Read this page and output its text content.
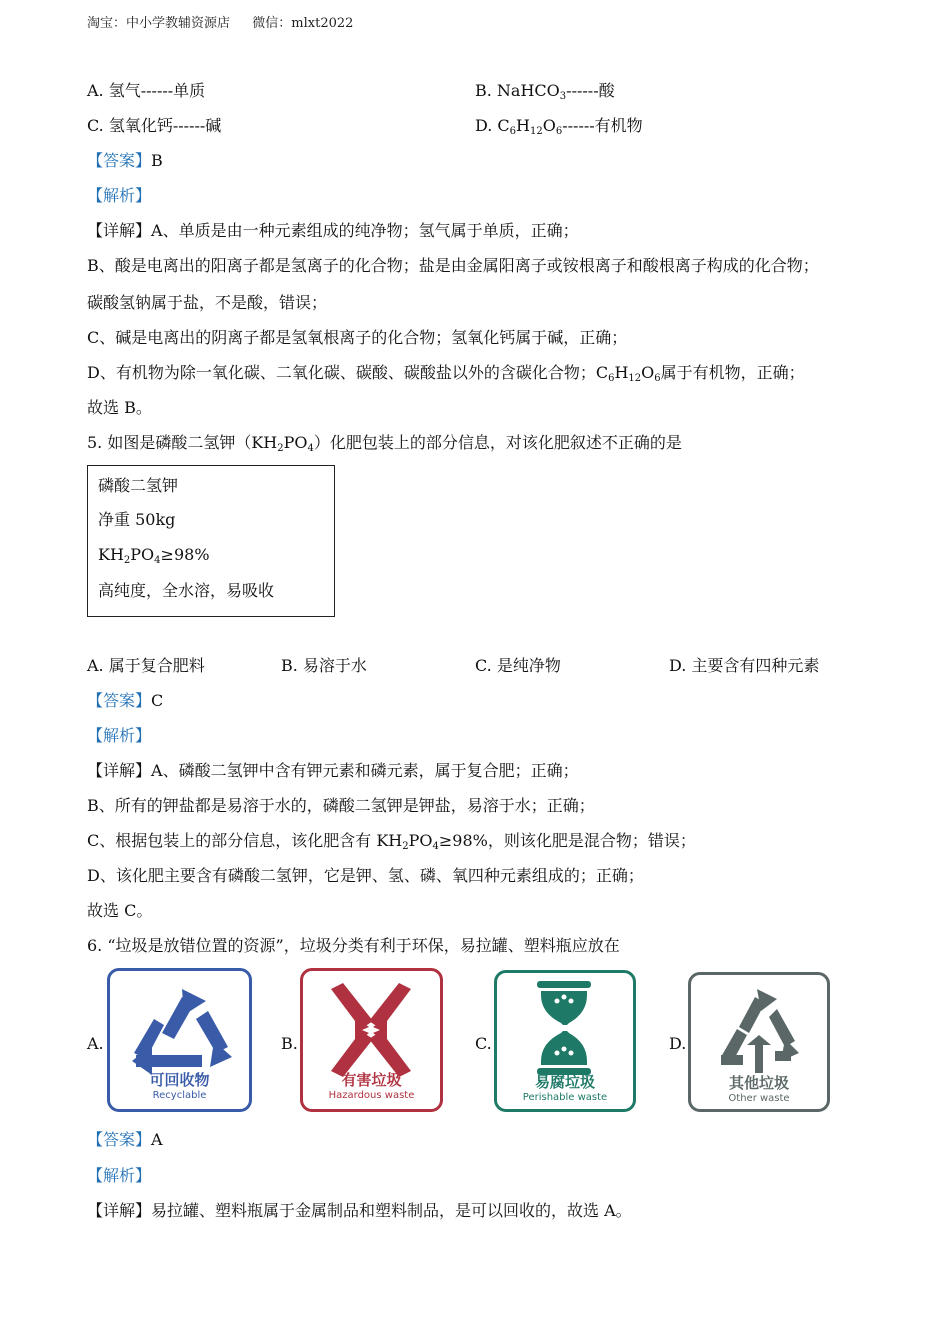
淘宝：中小学教辅资源店 微信：mlxt2022
A. 氢气------单质	B. NaHCO$_3$------酸
C. 氢氧化钙------碱	D. $C_6H_{12}O_6------$有机物
【答案】B
【解析】
【详解】A、单质是由一种元素组成的纯净物；氢气属于单质，正确；
B、酸是电离出的阳离子都是氢离子的化合物；盐是由金属阳离子或铵根离子和酸根离子构成的化合物；
碳酸氢钠属于盐，不是酸，错误；
C、碱是电离出的阴离子都是氢氧根离子的化合物；氢氧化钙属于碱，正确；
D、有机物为除一氧化碳、二氧化碳、碳酸、碳酸盐以外的含碳化合物；$C_6H_{12}O_6$属于有机物，正确；
故选 B。
5. 如图是磷酸二氢钾$(KH_2PO_4)$化肥包装上的部分信息，对该化肥叙述不正确的是
磷酸二氢钾
净重 50kg
$KH_2PO_4\ge 98\%$
高纯度，全水溶，易吸收
A. 属于复合肥料	B. 易溶于水	C. 是纯净物	D. 主要含有四种元素
【答案】C
【解析】
【详解】A、磷酸二氢钾中含有钾元素和磷元素，属于复合肥；正确；
B、所有的钾盐都是易溶于水的，磷酸二氢钾是钾盐，易溶于水；正确；
C、根据包装上的部分信息，该化肥含有 $KH_2PO_4\ge 98\%$，则该化肥是混合物；错误；
D、该化肥主要含有磷酸二氢钾，它是钾、氢、磷、氧四种元素组成的；正确；
故选 C。
6. “垃圾是放错位置的资源”，垃圾分类有利于环保，易拉罐、塑料瓶应放在
A.	B.	C.	D.
可回收物
Recyclable
有害垃圾
Hazardous waste
易腐垃圾
Perishable waste
其他垃圾
Other waste
【答案】A
【解析】
【详解】易拉罐、塑料瓶属于金属制品和塑料制品，是可以回收的，故选 A。
